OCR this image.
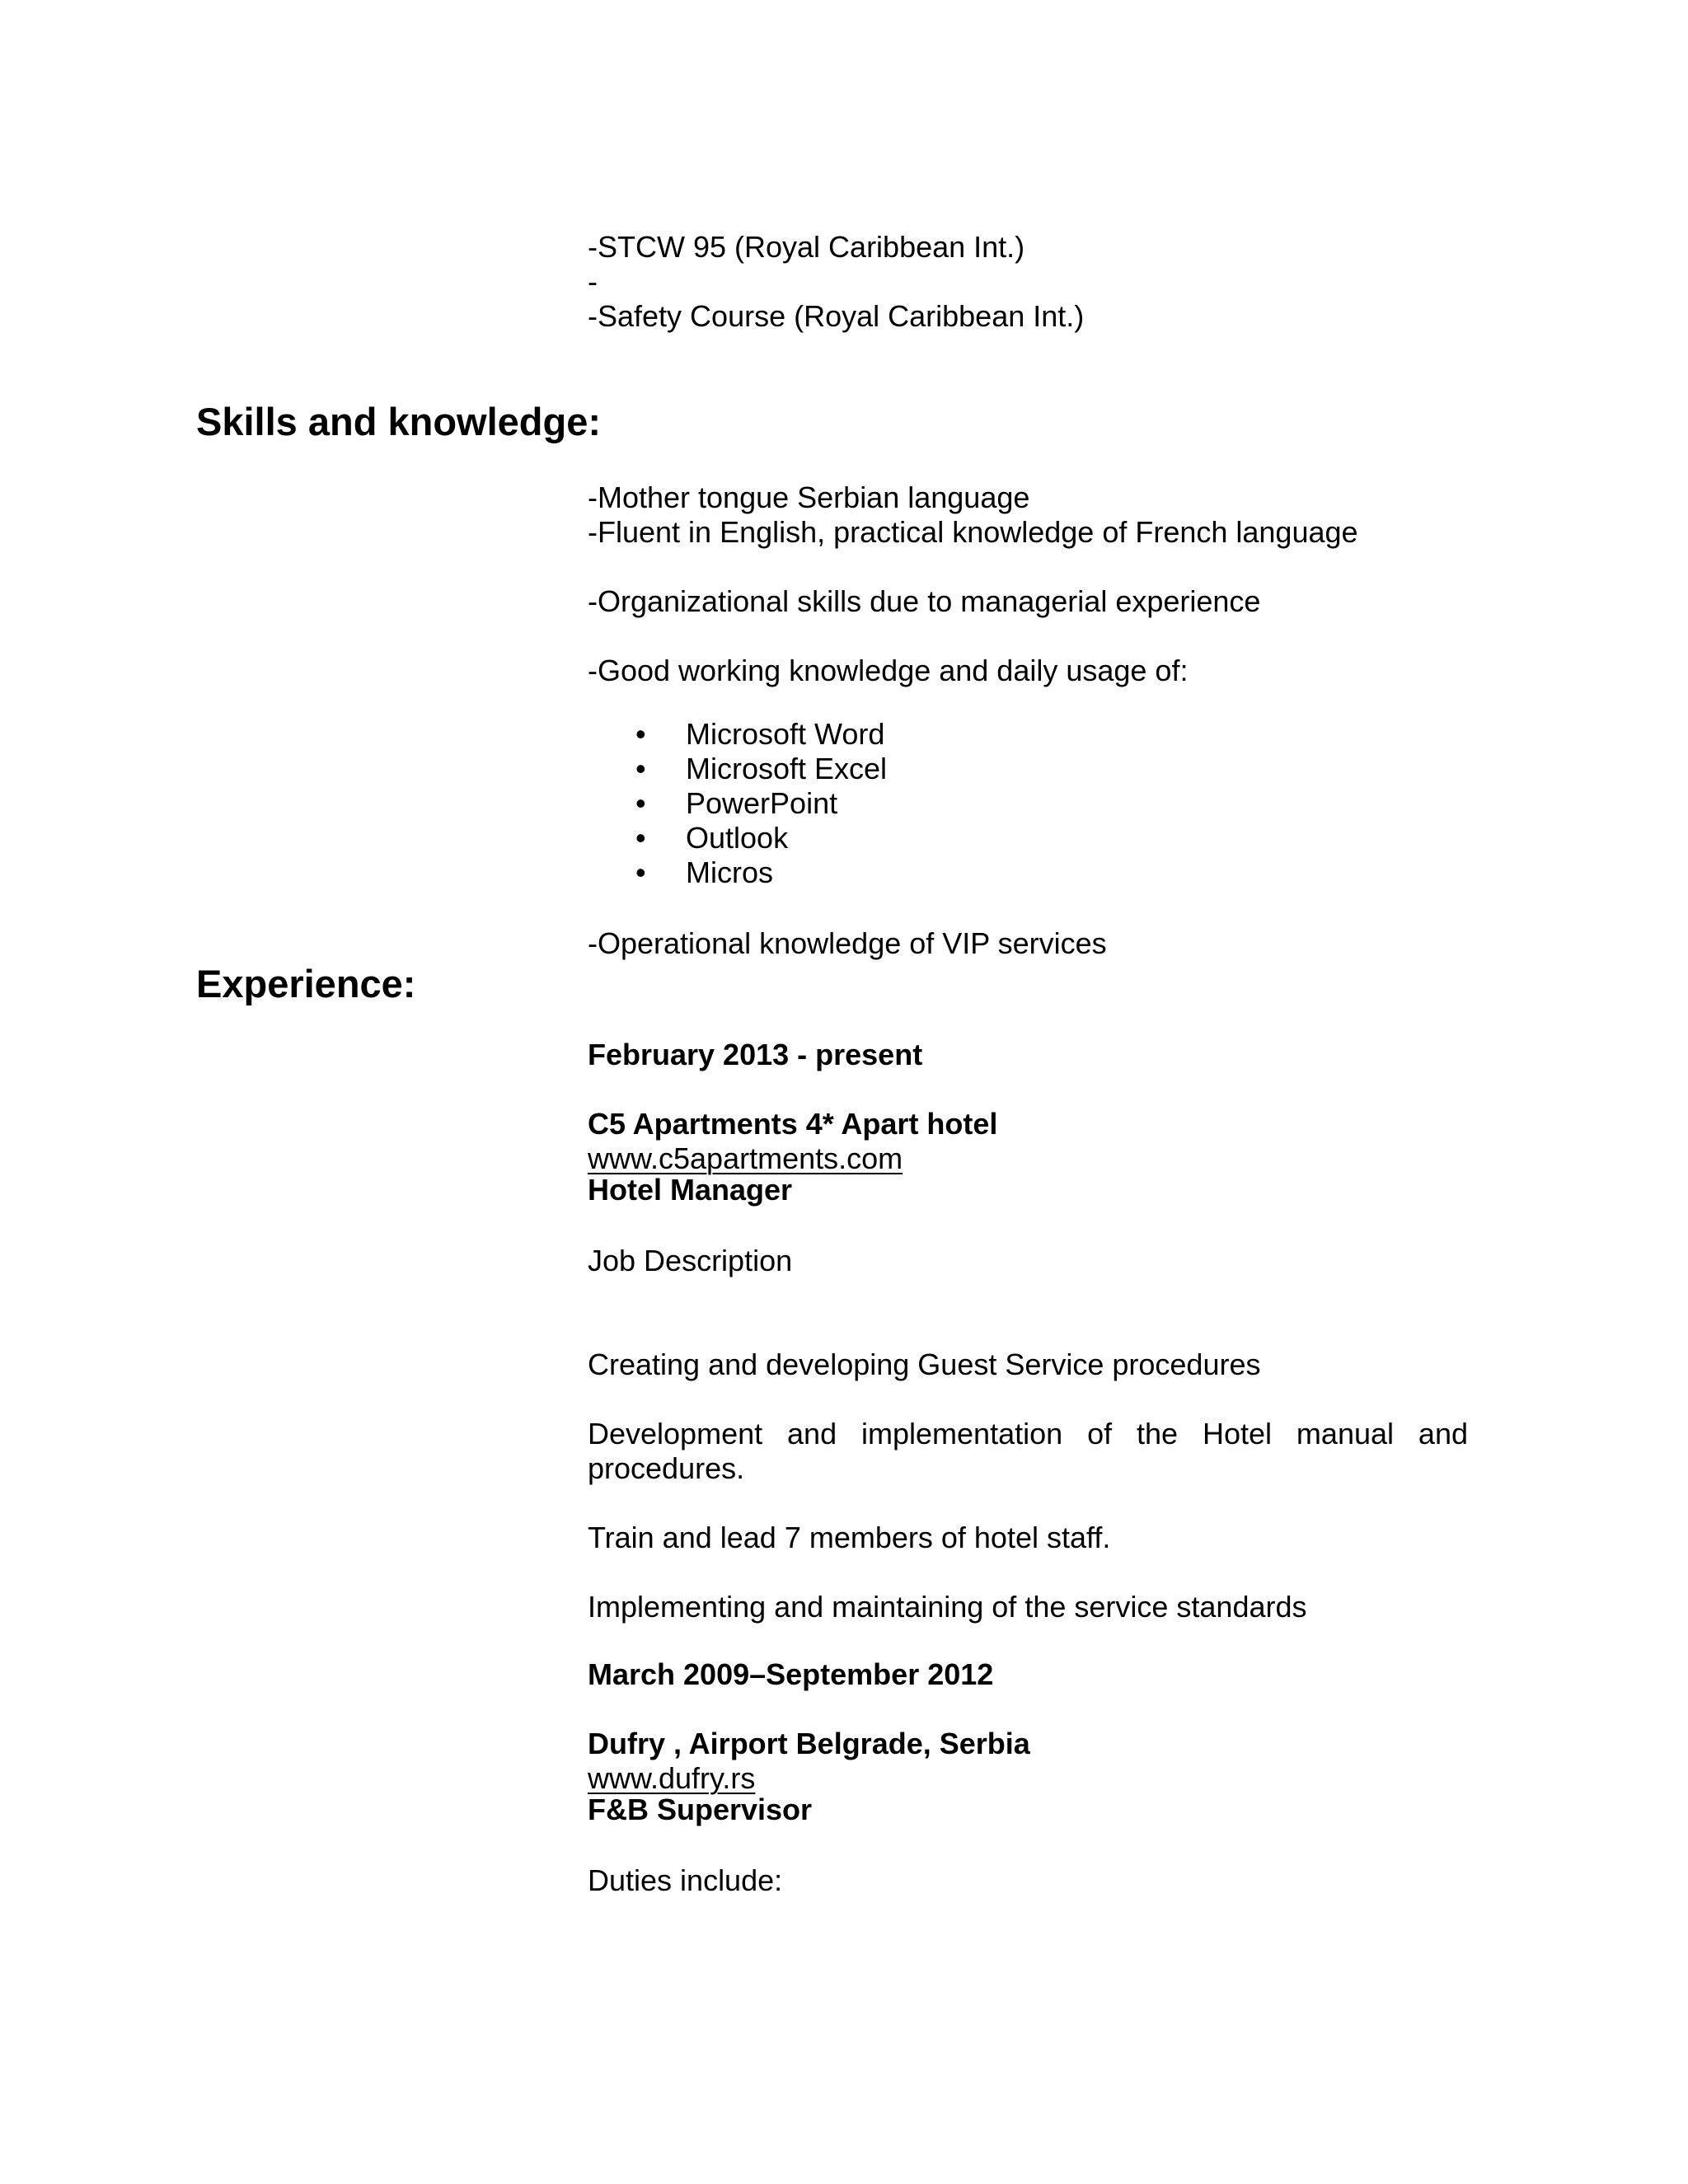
-STCW 95 (Royal Caribbean Int.)

-

-Safety Course (Royal Caribbean Int.)

Skills and knowledge:

-Mother tongue Serbian language

-Fluent in English, practical knowledge of French language

-Organizational skills due to managerial experience

-Good working knowledge and daily usage of:

•	Microsoft Word
•	Microsoft Excel
•	PowerPoint
•	Outlook
•	Micros

-Operational knowledge of VIP services

Experience:

February 2013 - present

C5 Apartments 4* Apart hotel

www.c5apartments.com

Hotel Manager

Job Description

Creating and developing Guest Service procedures

Development and implementation of the Hotel manual and procedures.

Train and lead 7 members of hotel staff.

Implementing and maintaining of the service standards

March 2009–September 2012

Dufry , Airport Belgrade, Serbia

www.dufry.rs

F&B Supervisor

Duties include:
